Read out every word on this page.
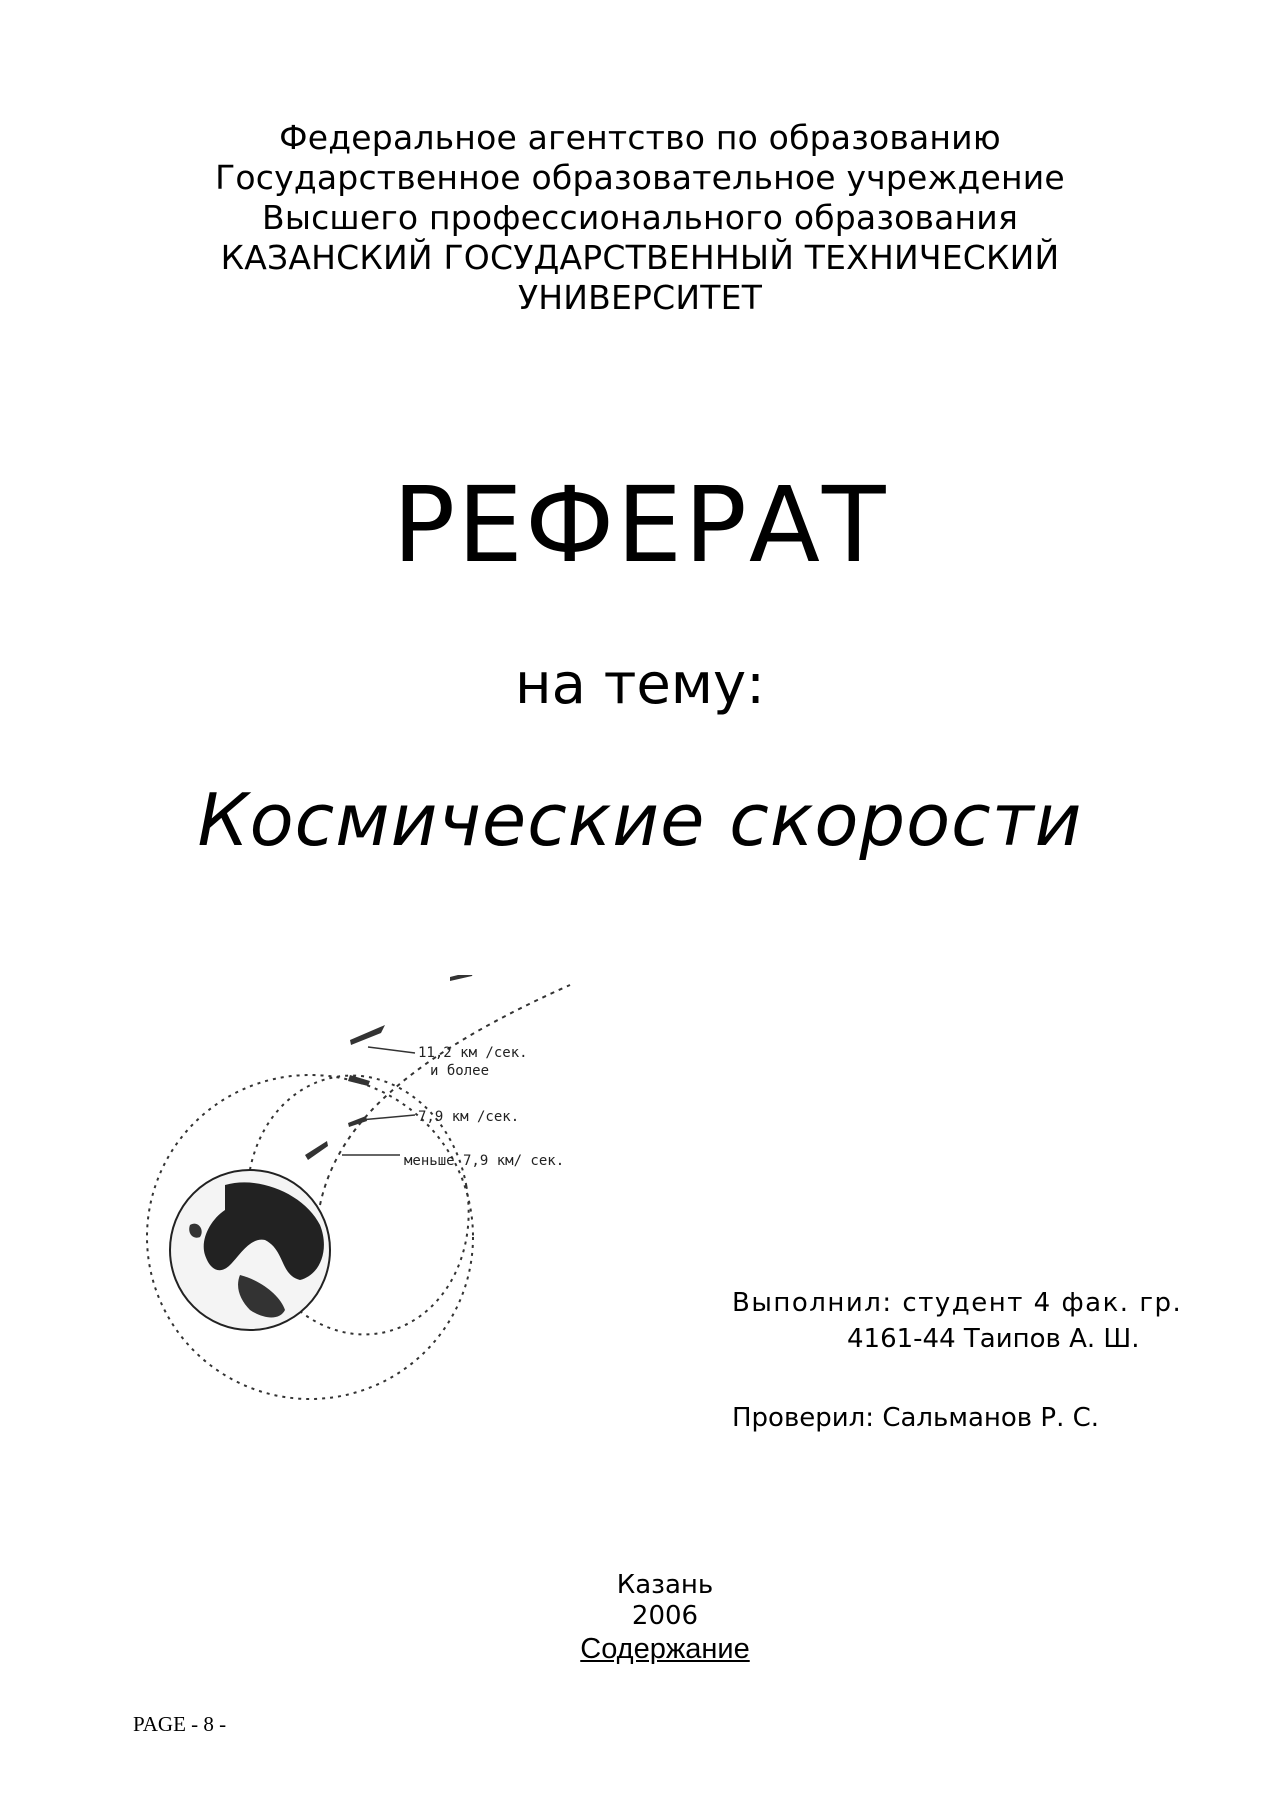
Федеральное агентство по образованию
Государственное образовательное учреждение
Высшего профессионального образования
КАЗАНСКИЙ ГОСУДАРСТВЕННЫЙ ТЕХНИЧЕСКИЙ
УНИВЕРСИТЕТ
РЕФЕРАТ
на тему:
Космические скорости
11,2 км /сек.
и более
7,9 км /сек.
меньше 7,9 км/ сек.
Выполнил: студент 4 фак. гр.
4161-44 Таипов А. Ш.
Проверил: Сальманов Р. С.
Казань
2006
Содержание
PAGE - 8 -
